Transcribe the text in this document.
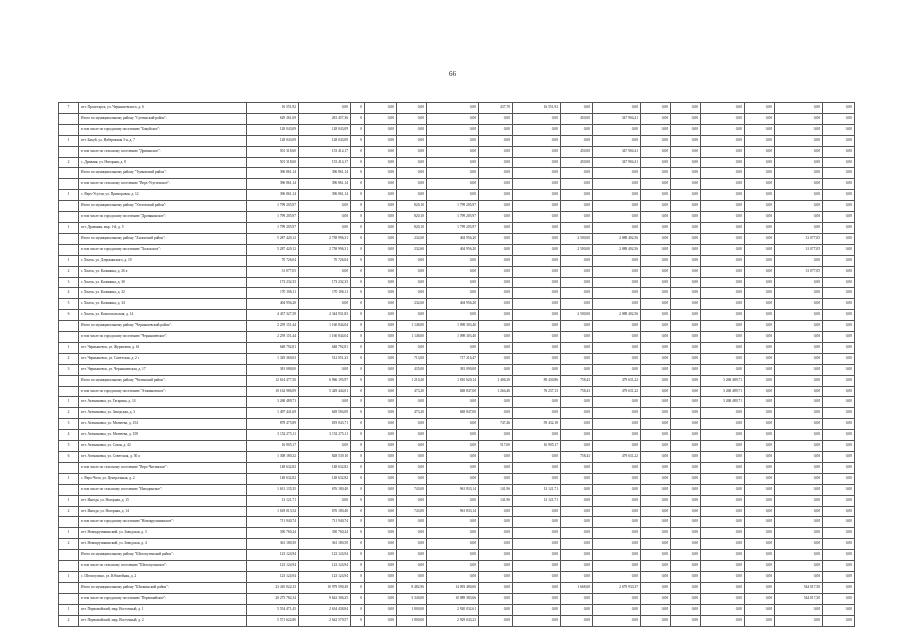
66
7	пгт. Пролетарск, ул. Чернышевского, д. 6	16 551,92	0,00	0	0,00	0,00	0,00	437,70	16 551,92	0,00	0,00	0,00	0,00	0,00	0,00	0,00	0,00
	Итого по муниципальному району "Суетинский район":	629 361,69	281 457,36	0	0,00	0,00	0,00	0,00	0,00	450,00	347 904,41	0,00	0,00	0,00	0,00	0,00	0,00
	в том числе по городскому поселению "Бакуйское":	128 043,09	128 043,09	0	0,00	0,00	0,00	0,00	0,00	0,00	0,00	0,00	0,00	0,00	0,00	0,00	0,00
1	пгт. Бакуй, ул. Набережная 3-я, д. 7	128 043,09	128 043,09	0	0,00	0,00	0,00	0,00	0,00	0,00	0,00	0,00	0,00	0,00	0,00	0,00	0,00
	в том числе по сельскому поселению "Дриванское":	501 318,60	153 414,17	0	0,00	0,00	0,00	0,00	0,00	450,00	347 904,41	0,00	0,00	0,00	0,00	0,00	0,00
2	с. Дриваня, ул. Нагорная, д. 8	501 318,60	153 414,17	0	0,00	0,00	0,00	0,00	0,00	450,00	347 904,41	0,00	0,00	0,00	0,00	0,00	0,00
	Итого по муниципальному району "Туиковский район":	396 861,14	396 861,14	0	0,00	0,00	0,00	0,00	0,00	0,00	0,00	0,00	0,00	0,00	0,00	0,00	0,00
	в том числе по сельскому поселению "Верх-Усугленское":	396 861,14	396 861,14	0	0,00	0,00	0,00	0,00	0,00	0,00	0,00	0,00	0,00	0,00	0,00	0,00	0,00
1	с. Верх-Усугли, ул. Приморовая, д. 12	396 861,14	396 861,14	0	0,00	0,00	0,00	0,00	0,00	0,00	0,00	0,00	0,00	0,00	0,00	0,00	0,00
	Итого по муниципальному району "Улетовский район":	1 799 205,97	0,00	0	0,00	820,10	1 799 205,97	0,00	0,00	0,00	0,00	0,00	0,00	0,00	0,00	0,00	0,00
	в том числе по городскому поселению "Дровянинское":	1 799 205,97	0,00	0	0,00	820,10	1 799 205,97	0,00	0,00	0,00	0,00	0,00	0,00	0,00	0,00	0,00	0,00
1	пгт. Дровяная, мкр. 1-й, д. 5	1 799 205,97	0,00	0	0,00	820,10	1 799 205,97	0,00	0,00	0,00	0,00	0,00	0,00	0,00	0,00	0,00	0,00
	Итого по муниципальному району "Хилокский район":	5 287 420,12	2 758 996,31	0	0,00	232,60	404 956,20	0,00	0,00	2 500,00	2 088 402,56	0,00	0,00	0,00	0,00	31 077,05	0,00
	в том числе по городскому поселению "Хилокское":	5 287 420,12	2 758 996,31	0	0,00	232,60	404 956,20	0,00	0,00	2 500,00	2 088 402,56	0,00	0,00	0,00	0,00	31 077,05	0,00
1	г. Хилок, ул. Дзержинского, д. 19	70 726,04	70 726,04	0	0,00	0,00	0,00	0,00	0,00	0,00	0,00	0,00	0,00	0,00	0,00	0,00	0,00
2	г. Хилок, ул. Калинина, д. 26 а	31 077,05	0,00	0	0,00	0,00	0,00	0,00	0,00	0,00	0,00	0,00	0,00	0,00	0,00	31 077,05	0,00
3	г. Хилок, ул. Калинина, д. 30	173 232,33	173 232,33	0	0,00	0,00	0,00	0,00	0,00	0,00	0,00	0,00	0,00	0,00	0,00	0,00	0,00
4	г. Хилок, ул. Калинина, д. 32	170 106,11	170 106,11	0	0,00	0,00	0,00	0,00	0,00	0,00	0,00	0,00	0,00	0,00	0,00	0,00	0,00
5	г. Хилок, ул. Калинина, д. 34	404 956,20	0,00	0	0,00	232,60	404 956,20	0,00	0,00	0,00	0,00	0,00	0,00	0,00	0,00	0,00	0,00
6	г. Хилок, ул. Комсомольская, д. 14	4 437 327,39	2 344 931,83	0	0,00	0,00	0,00	0,00	0,00	2 500,00	2 088 402,56	0,00	0,00	0,00	0,00	0,00	0,00
	Итого по муниципальному району "Чернышевский район":	2 259 151,44	1 160 844,04	0	0,00	1 148,00	1 098 303,40	0,00	0,00	0,00	0,00	0,00	0,00	0,00	0,00	0,00	0,00
	в том числе по городскому поселению "Чернышевское":	2 259 151,44	1 160 844,04	0	0,00	1 148,00	1 098 303,40	0,00	0,00	0,00	0,00	0,00	0,00	0,00	0,00	0,00	0,00
1	пгт. Чернышевск, ул. Журавлева, д. 61	648 792,81	648 792,81	0	0,00	0,00	0,00	0,00	0,00	0,00	0,00	0,00	0,00	0,00	0,00	0,00	0,00
2	пгт. Чернышевск, ул. Советская, д. 2 г	1 329 369,63	512 051,23	0	0,00	713,00	717 216,47	0,00	0,00	0,00	0,00	0,00	0,00	0,00	0,00	0,00	0,00
3	пгт. Чернышевск, ул. Чернышевская, д. 17	381 088,00	0,00	0	0,00	435,00	381 090,00	0,00	0,00	0,00	0,00	0,00	0,00	0,00	0,00	0,00	0,00
	Итого по муниципальному району "Читинский район":	12 614 477,50	6 966 195,97	0	0,00	1 210,20	1 810 620,14	1 406,30	89 430,86	758,43	479 631,22	0,00	0,00	3 268 489,71	0,00	0,00	0,00
	в том числе по городскому поселению "Атамановское":	10 162 986,09	5 429 444,01	0	0,00	473,20	848 847,00	1 264,46	76 237,13	758,43	479 631,22	0,00	0,00	3 268 489,71	0,00	0,00	0,00
1	пгт. Атамановка, ул. Гагарина, д. 14	3 268 489,71	0,00	0	0,00	0,00	0,00	0,00	0,00	0,00	0,00	0,00	0,00	3 268 489,71	0,00	0,00	0,00
2	пгт. Атамановка, ул. Заводская, д. 3	1 497 441,69	649 594,09	0	0,00	473,20	848 847,00	0,00	0,00	0,00	0,00	0,00	0,00	0,00	0,00	0,00	0,00
3	пгт. Атамановка, ул. Матвеева, д. 154	878 475,89	819 043,71	0	0,00	0,00	0,00	747,46	59 432,18	0,00	0,00	0,00	0,00	0,00	0,00	0,00	0,00
4	пгт. Атамановка, ул. Матвеева, д. 158	3 152 275,11	3 152 275,11	0	0,00	0,00	0,00	0,00	0,00	0,00	0,00	0,00	0,00	0,00	0,00	0,00	0,00
5	пгт. Атамановка, ул. Сазан, д. 42	16 905,17	0,00	0	0,00	0,00	0,00	517,00	16 905,17	0,00	0,00	0,00	0,00	0,00	0,00	0,00	0,00
6	пгт. Атамановка, ул. Советская, д. 50 а	1 308 180,32	828 539,10	0	0,00	0,00	0,00	0,00	0,00	758,43	479 631,22	0,00	0,00	0,00	0,00	0,00	0,00
	в том числе по сельскому поселению "Верх-Читинское":	148 632,82	148 632,82	0	0,00	0,00	0,00	0,00	0,00	0,00	0,00	0,00	0,00	0,00	0,00	0,00	0,00
1	с. Верх-Чита, ул. Центральная, д. 2	148 632,82	148 632,82	0	0,00	0,00	0,00	0,00	0,00	0,00	0,00	0,00	0,00	0,00	0,00	0,00	0,00
	в том числе по сельскому поселению "Ингодинское":	1 631 135,35	676 180,40	0	0,00	743,00	961 833,14	141,96	13 121,71	0,00	0,00	0,00	0,00	0,00	0,00	0,00	0,00
1	пгт. Ингода, ул. Нагорная, д. 15	13 121,71	0,00	0	0,00	0,00	0,00	141,96	13 121,71	0,00	0,00	0,00	0,00	0,00	0,00	0,00	0,00
2	пгт. Ингода, ул. Нагорная, д. 14	1 618 013,54	676 180,40	0	0,00	743,00	961 833,14	0,00	0,00	0,00	0,00	0,00	0,00	0,00	0,00	0,00	0,00
	в том числе по городскому поселению "Новокручининское":	711 940,74	711 940,74	0	0,00	0,00	0,00	0,00	0,00	0,00	0,00	0,00	0,00	0,00	0,00	0,00	0,00
1	пгт. Новокручининский, ул. Заводская, д. 3	350 760,24	350 760,24	0	0,00	0,00	0,00	0,00	0,00	0,00	0,00	0,00	0,00	0,00	0,00	0,00	0,00
2	пгт. Новокручининский, ул. Заводская, д. 4	361 180,50	361 180,50	0	0,00	0,00	0,00	0,00	0,00	0,00	0,00	0,00	0,00	0,00	0,00	0,00	0,00
	Итого по муниципальному району "Шелопугинский район":	123 124,94	123 124,94	0	0,00	0,00	0,00	0,00	0,00	0,00	0,00	0,00	0,00	0,00	0,00	0,00	0,00
	в том числе по сельскому поселению "Шелопугинское":	123 124,94	123 124,94	0	0,00	0,00	0,00	0,00	0,00	0,00	0,00	0,00	0,00	0,00	0,00	0,00	0,00
1	с. Шелопугино, ул. Юбилейная, д. 2	123 124,94	123 124,94	0	0,00	0,00	0,00	0,00	0,00	0,00	0,00	0,00	0,00	0,00	0,00	0,00	0,00
	Итого по муниципальному району "Шилкинский район":	23 410 022,33	10 979 590,49	0	0,00	8 482,96	14 093 480,06	0,00	0,00	1 668,60	2 679 933,37	0,00	0,00	0,00	0,00	544 017,50	0,00
	в том числе по городскому поселению "Первомайское":	20 275 782,34	9 642 306,25	0	0,00	5 340,00	10 089 383,66	0,00	0,00	0,00	0,00	0,00	0,00	0,00	0,00	544 017,50	0,00
1	пгт. Первомайский, мкр. Восточный, д. 1	5 554 471,45	2 634 438,84	0	0,00	1 800,00	2 920 032,61	0,00	0,00	0,00	0,00	0,00	0,00	0,00	0,00	0,00	0,00
2	пгт. Первомайский, мкр. Восточный, д. 2	5 571 622,80	2 642 579,57	0	0,00	1 800,00	2 929 043,23	0,00	0,00	0,00	0,00	0,00	0,00	0,00	0,00	0,00	0,00
